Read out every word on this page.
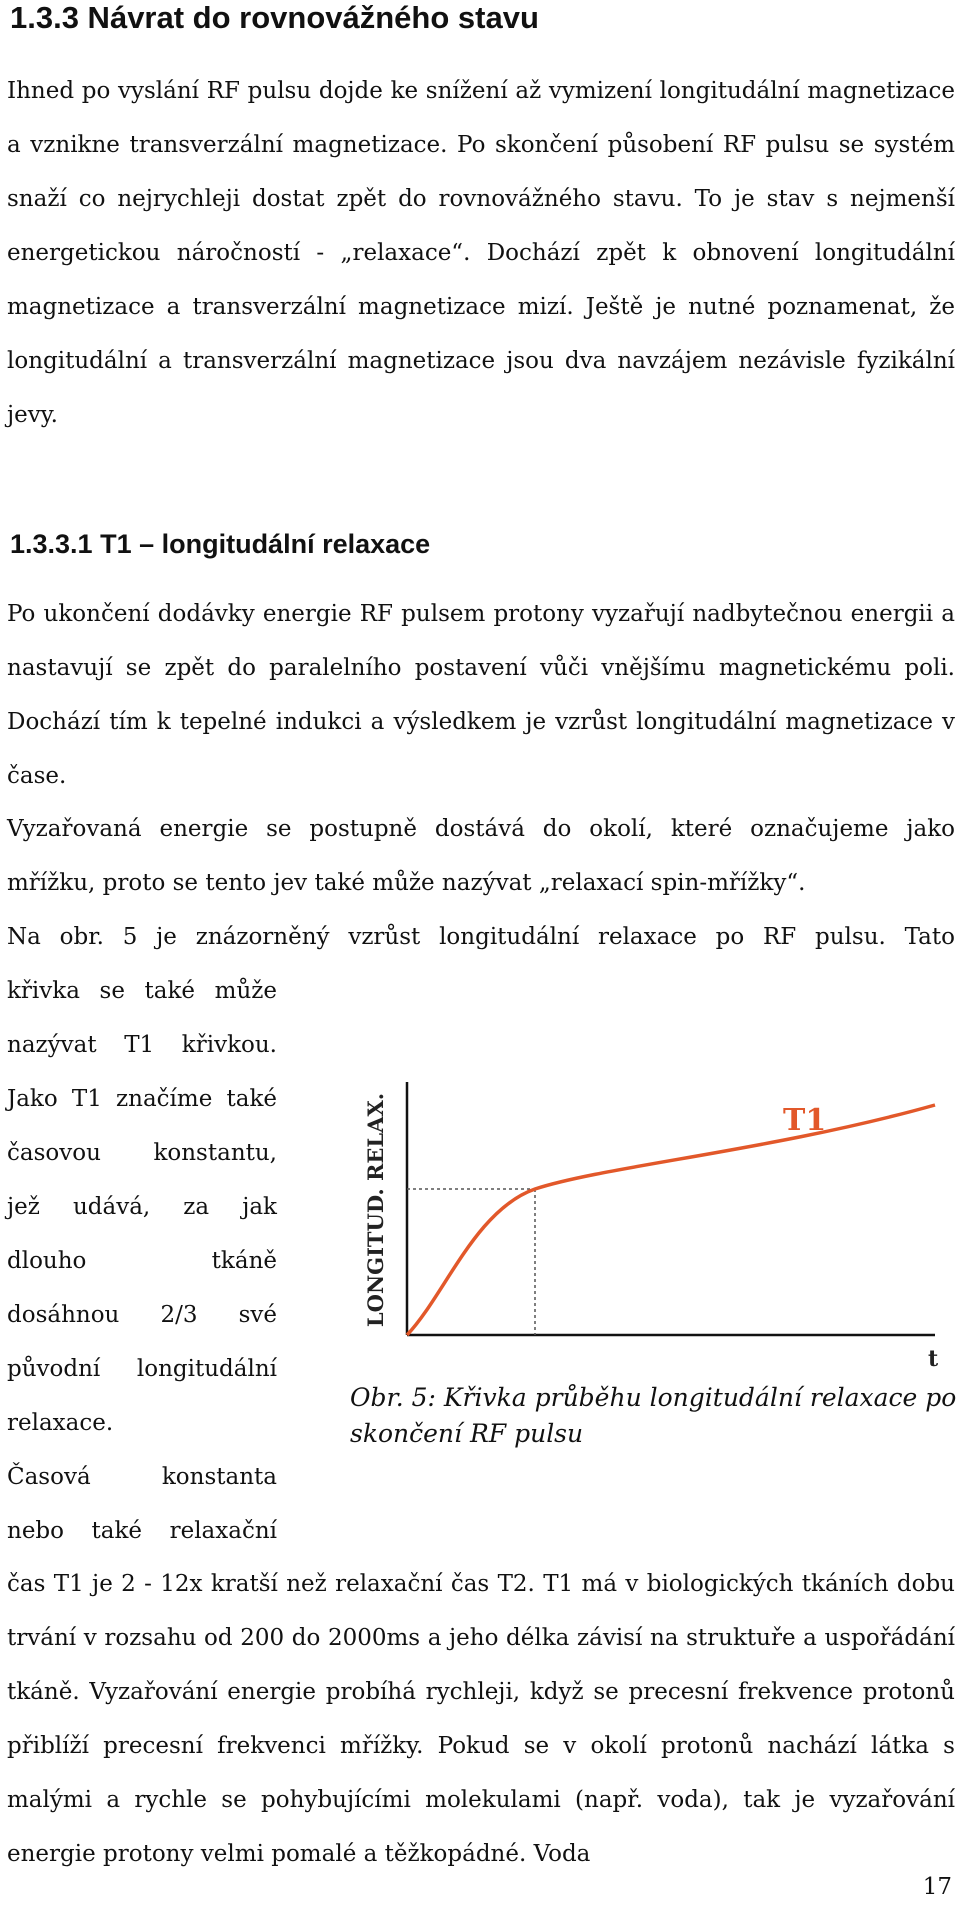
1.3.3 Návrat do rovnovážného stavu

Ihned po vyslání RF pulsu dojde ke snížení až vymizení longitudální magnetizace a vznikne transverzální magnetizace. Po skončení působení RF pulsu se systém snaží co nejrychleji dostat zpět do rovnovážného stavu. To je stav s nejmenší energetickou náročností - „relaxace“. Dochází zpět k obnovení longitudální magnetizace a transverzální magnetizace mizí. Ještě je nutné poznamenat, že longitudální a transverzální magnetizace jsou dva navzájem nezávisle fyzikální jevy.

1.3.3.1 T1 – longitudální relaxace

Po ukončení dodávky energie RF pulsem protony vyzařují nadbytečnou energii a nastavují se zpět do paralelního postavení vůči vnějšímu magnetickému poli. Dochází tím k tepelné indukci a výsledkem je vzrůst longitudální magnetizace v čase.

Vyzařovaná energie se postupně dostává do okolí, které označujeme jako mřížku, proto se tento jev také může nazývat „relaxací spin-mřížky“.

Na obr. 5 je znázorněný vzrůst longitudální relaxace po RF pulsu. Tato

křivka se také může
nazývat T1 křivkou.
Jako T1 značíme také
časovou konstantu,
jež udává, za jak
dlouho tkáně
dosáhnou 2/3 své
původní longitudální
relaxace.
Časová konstanta
nebo také relaxační
LONGITUD. RELAX.	T1
t
Obr. 5: Křivka průběhu longitudální relaxace po skončení RF pulsu

čas T1 je 2 - 12x kratší než relaxační čas T2. T1 má v biologických tkáních dobu trvání v rozsahu od 200 do 2000ms a jeho délka závisí na struktuře a uspořádání tkáně. Vyzařování energie probíhá rychleji, když se precesní frekvence protonů přiblíží precesní frekvenci mřížky. Pokud se v okolí protonů nachází látka s malými a rychle se pohybujícími molekulami (např. voda), tak je vyzařování energie protony velmi pomalé a těžkopádné. Voda

17
